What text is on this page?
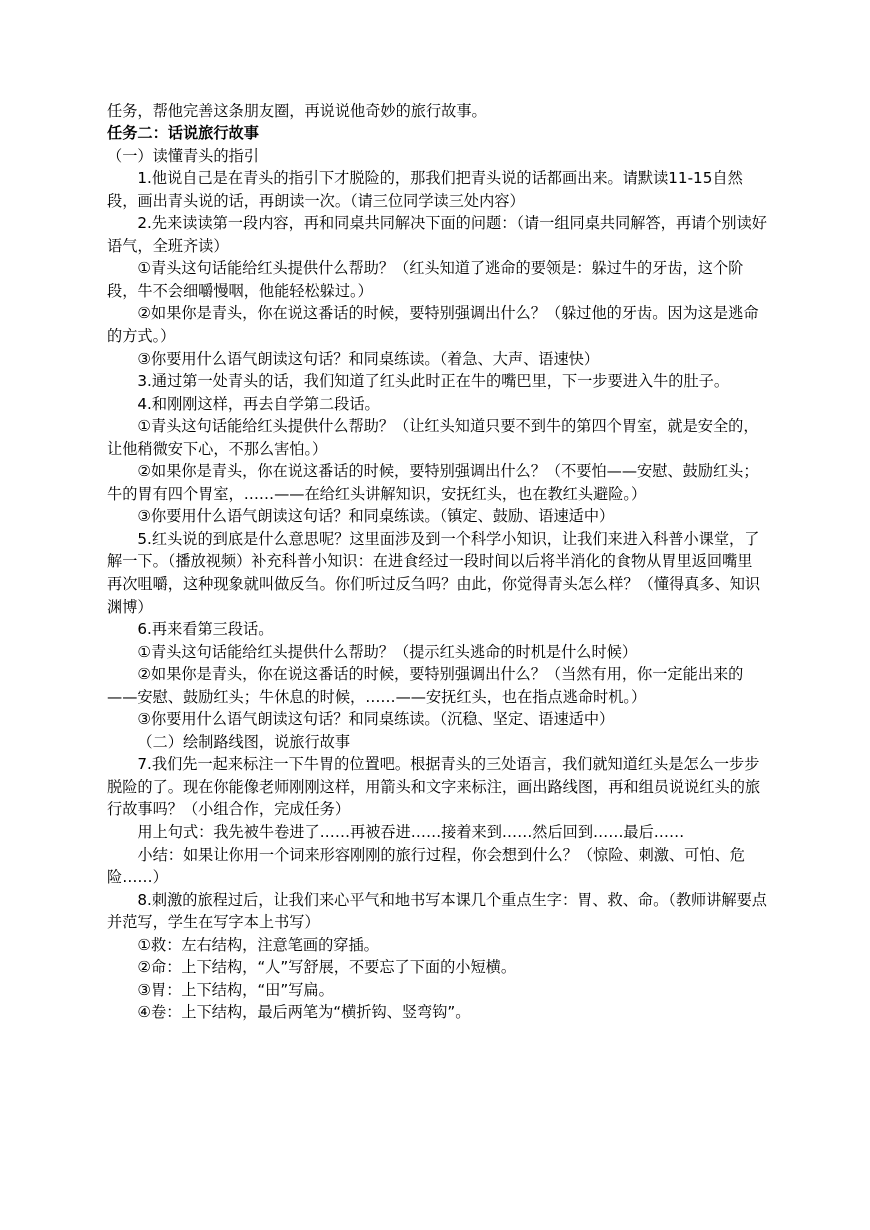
任务，帮他完善这条朋友圈，再说说他奇妙的旅行故事。

任务二：话说旅行故事

（一）读懂青头的指引

1.他说自己是在青头的指引下才脱险的，那我们把青头说的话都画出来。请默读11-15自然段，画出青头说的话，再朗读一次。（请三位同学读三处内容）

2.先来读读第一段内容，再和同桌共同解决下面的问题：（请一组同桌共同解答，再请个别读好语气，全班齐读）

①青头这句话能给红头提供什么帮助？（红头知道了逃命的要领是：躲过牛的牙齿，这个阶段，牛不会细嚼慢咽，他能轻松躲过。）

②如果你是青头，你在说这番话的时候，要特别强调出什么？（躲过他的牙齿。因为这是逃命的方式。）

③你要用什么语气朗读这句话？和同桌练读。（着急、大声、语速快）

3.通过第一处青头的话，我们知道了红头此时正在牛的嘴巴里，下一步要进入牛的肚子。

4.和刚刚这样，再去自学第二段话。

①青头这句话能给红头提供什么帮助？（让红头知道只要不到牛的第四个胃室，就是安全的，让他稍微安下心，不那么害怕。）

②如果你是青头，你在说这番话的时候，要特别强调出什么？（不要怕——安慰、鼓励红头；牛的胃有四个胃室，……——在给红头讲解知识，安抚红头，也在教红头避险。）

③你要用什么语气朗读这句话？和同桌练读。（镇定、鼓励、语速适中）

5.红头说的到底是什么意思呢？这里面涉及到一个科学小知识，让我们来进入科普小课堂，了解一下。（播放视频）补充科普小知识：在进食经过一段时间以后将半消化的食物从胃里返回嘴里再次咀嚼，这种现象就叫做反刍。你们听过反刍吗？由此，你觉得青头怎么样？（懂得真多、知识渊博）

6.再来看第三段话。

①青头这句话能给红头提供什么帮助？（提示红头逃命的时机是什么时候）

②如果你是青头，你在说这番话的时候，要特别强调出什么？（当然有用，你一定能出来的——安慰、鼓励红头；牛休息的时候，……——安抚红头，也在指点逃命时机。）

③你要用什么语气朗读这句话？和同桌练读。（沉稳、坚定、语速适中）

（二）绘制路线图，说旅行故事

7.我们先一起来标注一下牛胃的位置吧。根据青头的三处语言，我们就知道红头是怎么一步步脱险的了。现在你能像老师刚刚这样，用箭头和文字来标注，画出路线图，再和组员说说红头的旅行故事吗？（小组合作，完成任务）

用上句式：我先被牛卷进了……再被吞进……接着来到……然后回到……最后……

小结：如果让你用一个词来形容刚刚的旅行过程，你会想到什么？（惊险、刺激、可怕、危险……）

8.刺激的旅程过后，让我们来心平气和地书写本课几个重点生字：胃、救、命。（教师讲解要点并范写，学生在写字本上书写）

①救：左右结构，注意笔画的穿插。

②命：上下结构，“人”写舒展，不要忘了下面的小短横。

③胃：上下结构，“田”写扁。

④卷：上下结构，最后两笔为“横折钩、竖弯钩”。
